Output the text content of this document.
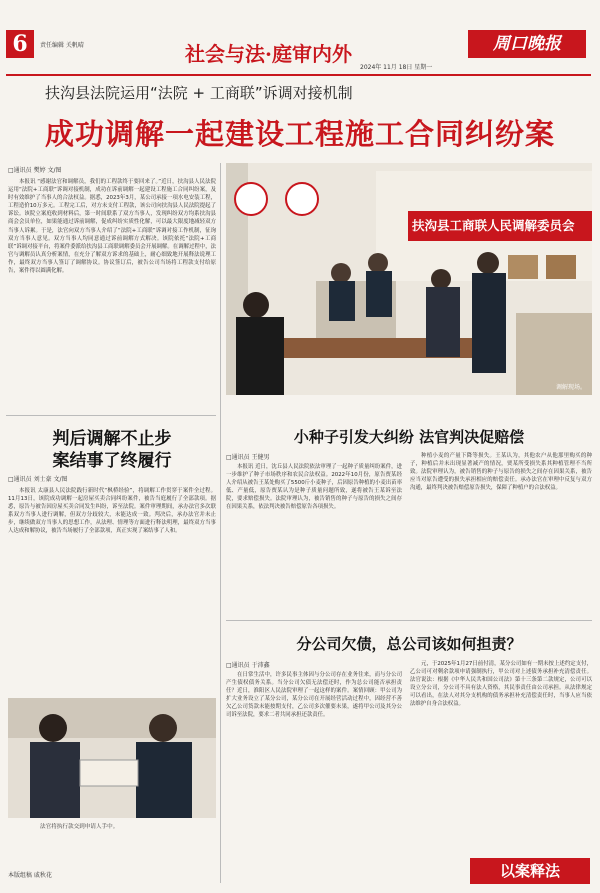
6	责任编辑 关帆晴	社会与法·庭审内外	周口晚报
2024年 11月 18日 星期一
扶沟县法院运用“法院 + 工商联”诉调对接机制
成功调解一起建设工程施工合同纠纷案
□通讯员 樊婷 文/图
本报讯 “感谢法官和调解员，我们的工程款终于要回来了。”近日，扶沟县人民法院运用“法院+工商联”诉调对接机制，成功在诉前调解一起建设工程施工合同纠纷案，及时有效维护了当事人的合法权益。据悉，2023年3月，某公司承接一项水电安装工程，工程造价10万多元。工程完工后，对方未支付工程款，该公司向扶沟县人民法院提起了诉讼。该院立案庭收到材料后，第一时间联系了双方当事人，发现纠纷双方均系扶沟县商会会员单位，如果能通过诉前调解，促成纠纷实质性化解，可以最大限度地减轻双方当事人诉累。于是，法官向双方当事人介绍了“法院+工商联”诉调对接工作机制，征询双方当事人意见。双方当事人均同意通过诉前调解方式解决。该院依托“法院+工商联”诉调对接平台，将案件委派给扶沟县工商联调解委员会开展调解。在调解过程中，法官与调解员认真分析案情，在充分了解双方诉求的基础上，耐心细致地开展释法说理工作，最终双方当事人签订了调解协议。协议签订后，被告公司当场将工程款支付给原告，案件得以圆满化解。
扶沟县工商联人民调解委员会
调解现场。
判后调解不止步
案结事了终履行
□通讯员 刘士豪 文/图
本报讯 太康县人民法院践行新时代“枫桥经验”，将调解工作贯穿于案件全过程。11月13日，该院成功调解一起房屋买卖合同纠纷案件，被告当庭履行了全部款项。据悉，原告与被告因房屋买卖合同发生纠纷，诉至法院。案件审理期间，承办法官多次联系双方当事人进行调解，但双方分歧较大，未能达成一致。判决后，承办法官并未止步，继续做双方当事人的思想工作，从法理、情理等方面进行释法明理，最终双方当事人达成和解协议，被告当场履行了全部款项，真正实现了案结事了人和。
法官将执行款交到申请人手中。
本版组稿 戚秋花
小种子引发大纠纷 法官判决促赔偿
□通讯员 王健男
本报讯 近日，沈丘县人民法院依法审理了一起种子质量纠纷案件，进一步维护了种子市场秩序和农民合法权益。2022年10月份，原告贾某经人介绍从被告王某处购买了5500斤小麦种子，后因原告种植的小麦出苗率低、产量低，原告贾某认为是种子质量问题所致，遂将被告王某诉至法院，要求赔偿损失。法院审理认为，被告销售的种子与原告的损失之间存在因果关系，依法判决被告赔偿原告各项损失。
种植小麦的产量下降等损失。王某认为，其他农户从他那里购买的种子，种植后并未出现显著减产的情况，贾某所受损失系其种植管理不当所致。法院审理认为，被告销售的种子与原告的损失之间存在因果关系，被告应当对原告遭受的损失承担相应的赔偿责任。承办法官在审理中反复与双方沟通，最终判决被告赔偿原告损失，保障了种植户的合法权益。
分公司欠债，总公司该如何担责？
□通讯员 于沛鑫
在日常生活中，许多民事主体因与分公司存在业务往来，而与分公司产生债权债务关系。当分公司欠债无法偿还时，作为总公司能否承担责任？近日，淮阳区人民法院审理了一起这样的案件。案情回顾：甲公司为扩大业务设立了某分公司，某分公司在开展经营活动过程中，因经营不善欠乙公司货款未能按期支付，乙公司多次催要未果，遂将甲公司及其分公司诉至法院，要求二者共同承担还款责任。
元，于2025年1月27日前付清，某分公司如有一期未按上述约定支付，乙公司可对剩余款项申请强制执行，甲公司对上述债务承担补充清偿责任。法官说法：根据《中华人民共和国公司法》第十三条第二款规定，公司可以设立分公司，分公司不具有法人资格，其民事责任由公司承担。从法律规定可以看出，在法人对其分支机构的债务承担补充清偿责任时，当事人应当依法维护自身合法权益。
以案释法
